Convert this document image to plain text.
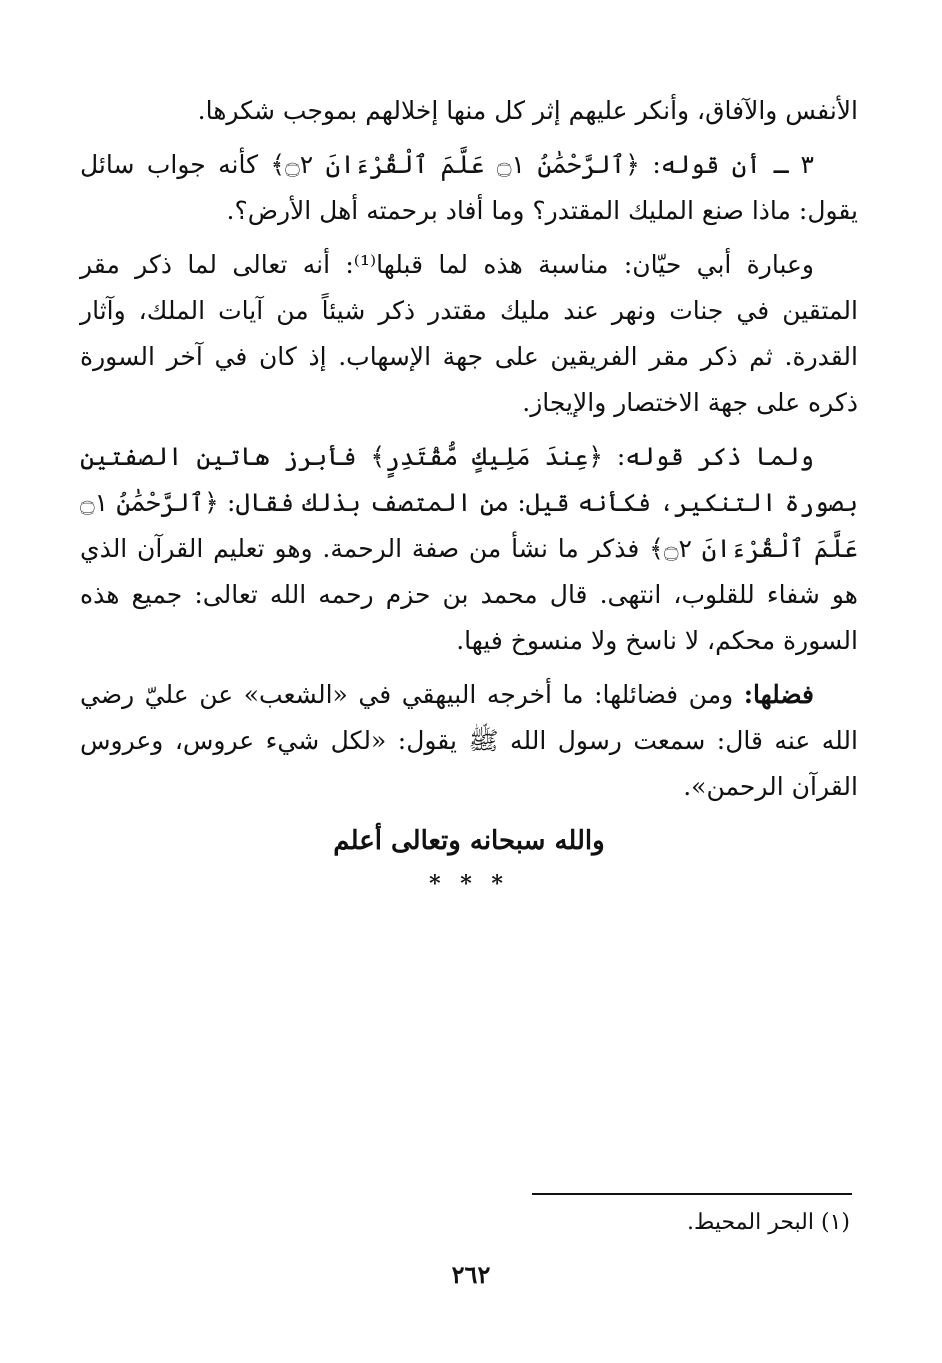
الأنفس والآفاق، وأنكر عليهم إثر كل منها إخلالهم بموجب شكرها.

٣ ـ أن قوله: ﴿ٱلرَّحْمَٰنُ ۝١ عَلَّمَ ٱلْقُرْءَانَ ۝٢﴾ كأنه جواب سائل يقول: ماذا صنع المليك المقتدر؟ وما أفاد برحمته أهل الأرض؟.

وعبارة أبي حيّان: مناسبة هذه لما قبلها⁽¹⁾: أنه تعالى لما ذكر مقر المتقين في جنات ونهر عند مليك مقتدر ذكر شيئاً من آيات الملك، وآثار القدرة. ثم ذكر مقر الفريقين على جهة الإسهاب. إذ كان في آخر السورة ذكره على جهة الاختصار والإيجاز.

ولما ذكر قوله: ﴿عِندَ مَلِيكٍ مُّقْتَدِرٍ﴾ فأبرز هاتين الصفتين بصورة التنكير، فكأنه قيل: من المتصف بذلك فقال: ﴿ٱلرَّحْمَٰنُ ۝١ عَلَّمَ ٱلْقُرْءَانَ ۝٢﴾ فذكر ما نشأ من صفة الرحمة. وهو تعليم القرآن الذي هو شفاء للقلوب، انتهى. قال محمد بن حزم رحمه الله تعالى: جميع هذه السورة محكم، لا ناسخ ولا منسوخ فيها.

فضلها: ومن فضائلها: ما أخرجه البيهقي في «الشعب» عن عليّ رضي الله عنه قال: سمعت رسول الله ﷺ يقول: «لكل شيء عروس، وعروس القرآن الرحمن».

والله سبحانه وتعالى أعلم
* * *
(١) البحر المحيط.
٢٦٢
